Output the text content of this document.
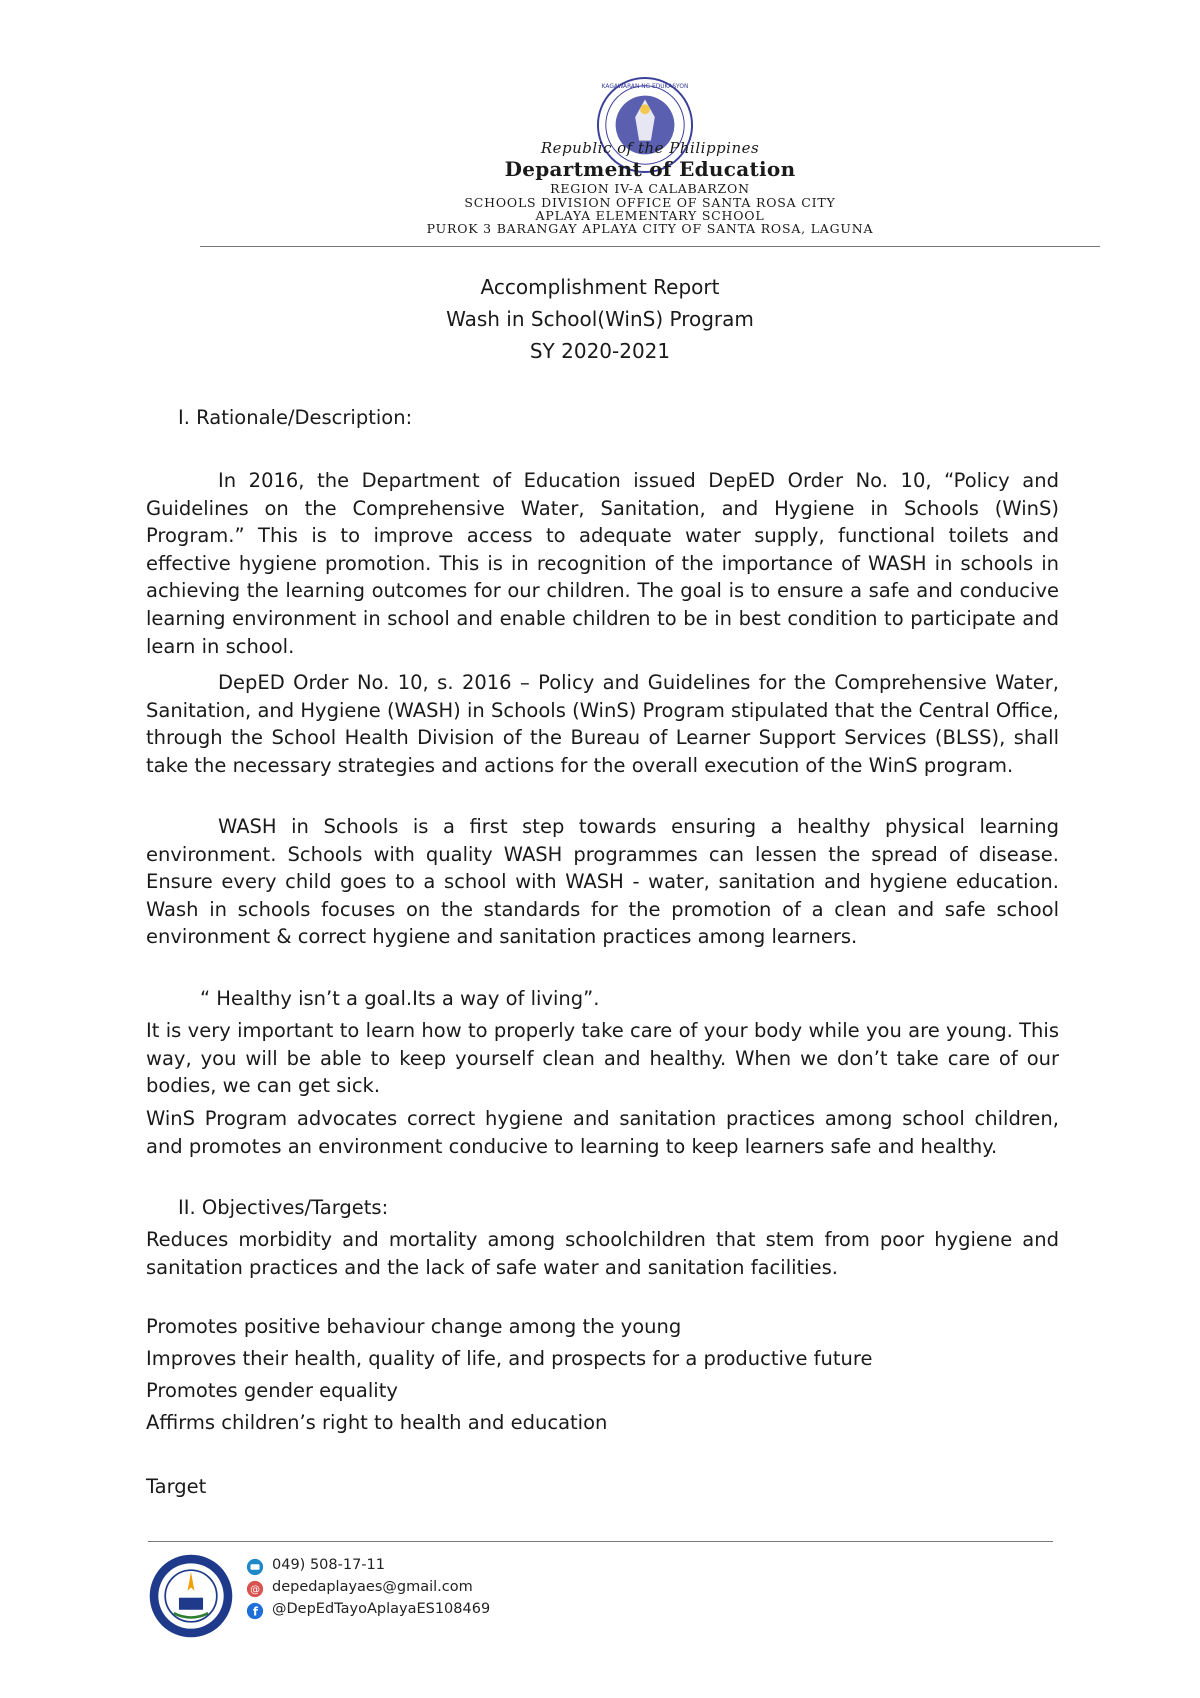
KAGAWARAN NG EDUKASYON
Republic of the Philippines
Department of Education
REGION IV-A CALABARZON
SCHOOLS DIVISION OFFICE OF SANTA ROSA CITY
APLAYA ELEMENTARY SCHOOL
PUROK 3 BARANGAY APLAYA CITY OF SANTA ROSA, LAGUNA
Accomplishment Report
Wash in School(WinS) Program
SY 2020-2021
I. Rationale/Description:
In 2016, the Department of Education issued DepED Order No. 10, “Policy and Guidelines on the Comprehensive Water, Sanitation, and Hygiene in Schools (WinS) Program.” This is to improve access to adequate water supply, functional toilets and effective hygiene promotion. This is in recognition of the importance of WASH in schools in achieving the learning outcomes for our children. The goal is to ensure a safe and conducive learning environment in school and enable children to be in best condition to participate and learn in school.
DepED Order No. 10, s. 2016 – Policy and Guidelines for the Comprehensive Water, Sanitation, and Hygiene (WASH) in Schools (WinS) Program stipulated that the Central Office, through the School Health Division of the Bureau of Learner Support Services (BLSS), shall take the necessary strategies and actions for the overall execution of the WinS program.
WASH in Schools is a first step towards ensuring a healthy physical learning environment. Schools with quality WASH programmes can lessen the spread of disease. Ensure every child goes to a school with WASH - water, sanitation and hygiene education. Wash in schools focuses on the standards for the promotion of a clean and safe school environment & correct hygiene and sanitation practices among learners.
“ Healthy isn’t a goal.Its a way of living”.
It is very important to learn how to properly take care of your body while you are young. This way, you will be able to keep yourself clean and healthy. When we don’t take care of our bodies, we can get sick.
WinS Program advocates correct hygiene and sanitation practices among school children, and promotes an environment conducive to learning to keep learners safe and healthy.
II. Objectives/Targets:
Reduces morbidity and mortality among schoolchildren that stem from poor hygiene and sanitation practices and the lack of safe water and sanitation facilities.
Promotes positive behaviour change among the young
Improves their health, quality of life, and prospects for a productive future
Promotes gender equality
Affirms children’s right to health and education
Target
049) 508-17-11
@ depedaplayaes@gmail.com
f @DepEdTayoAplayaES108469
